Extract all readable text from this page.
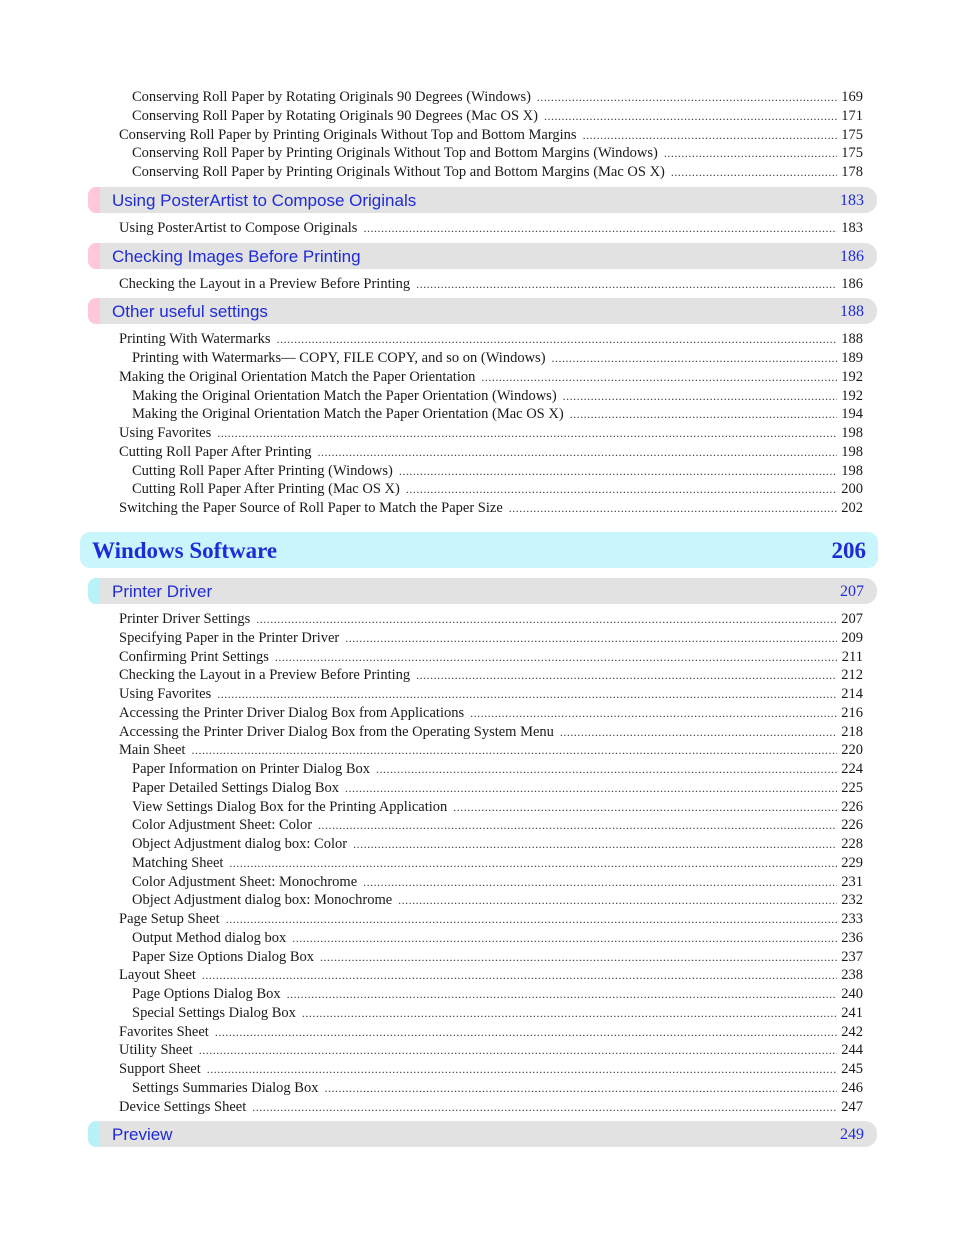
Conserving Roll Paper by Rotating Originals 90 Degrees (Windows) .....	169
Conserving Roll Paper by Rotating Originals 90 Degrees (Mac OS X) .....	171
Conserving Roll Paper by Printing Originals Without Top and Bottom Margins .....	175
Conserving Roll Paper by Printing Originals Without Top and Bottom Margins (Windows) .....	175
Conserving Roll Paper by Printing Originals Without Top and Bottom Margins (Mac OS X) .....	178
Using PosterArtist to Compose Originals	183
Using PosterArtist to Compose Originals .....	183
Checking Images Before Printing	186
Checking the Layout in a Preview Before Printing .....	186
Other useful settings	188
Printing With Watermarks .....	188
Printing with Watermarks— COPY, FILE COPY, and so on (Windows) .....	189
Making the Original Orientation Match the Paper Orientation .....	192
Making the Original Orientation Match the Paper Orientation (Windows) .....	192
Making the Original Orientation Match the Paper Orientation (Mac OS X) .....	194
Using Favorites .....	198
Cutting Roll Paper After Printing .....	198
Cutting Roll Paper After Printing (Windows) .....	198
Cutting Roll Paper After Printing (Mac OS X) .....	200
Switching the Paper Source of Roll Paper to Match the Paper Size .....	202
Windows Software	206
Printer Driver	207
Printer Driver Settings .....	207
Specifying Paper in the Printer Driver .....	209
Confirming Print Settings .....	211
Checking the Layout in a Preview Before Printing .....	212
Using Favorites .....	214
Accessing the Printer Driver Dialog Box from Applications .....	216
Accessing the Printer Driver Dialog Box from the Operating System Menu .....	218
Main Sheet .....	220
Paper Information on Printer Dialog Box .....	224
Paper Detailed Settings Dialog Box .....	225
View Settings Dialog Box for the Printing Application .....	226
Color Adjustment Sheet: Color .....	226
Object Adjustment dialog box: Color .....	228
Matching Sheet .....	229
Color Adjustment Sheet: Monochrome .....	231
Object Adjustment dialog box: Monochrome .....	232
Page Setup Sheet .....	233
Output Method dialog box .....	236
Paper Size Options Dialog Box .....	237
Layout Sheet .....	238
Page Options Dialog Box .....	240
Special Settings Dialog Box .....	241
Favorites Sheet .....	242
Utility Sheet .....	244
Support Sheet .....	245
Settings Summaries Dialog Box .....	246
Device Settings Sheet .....	247
Preview	249
